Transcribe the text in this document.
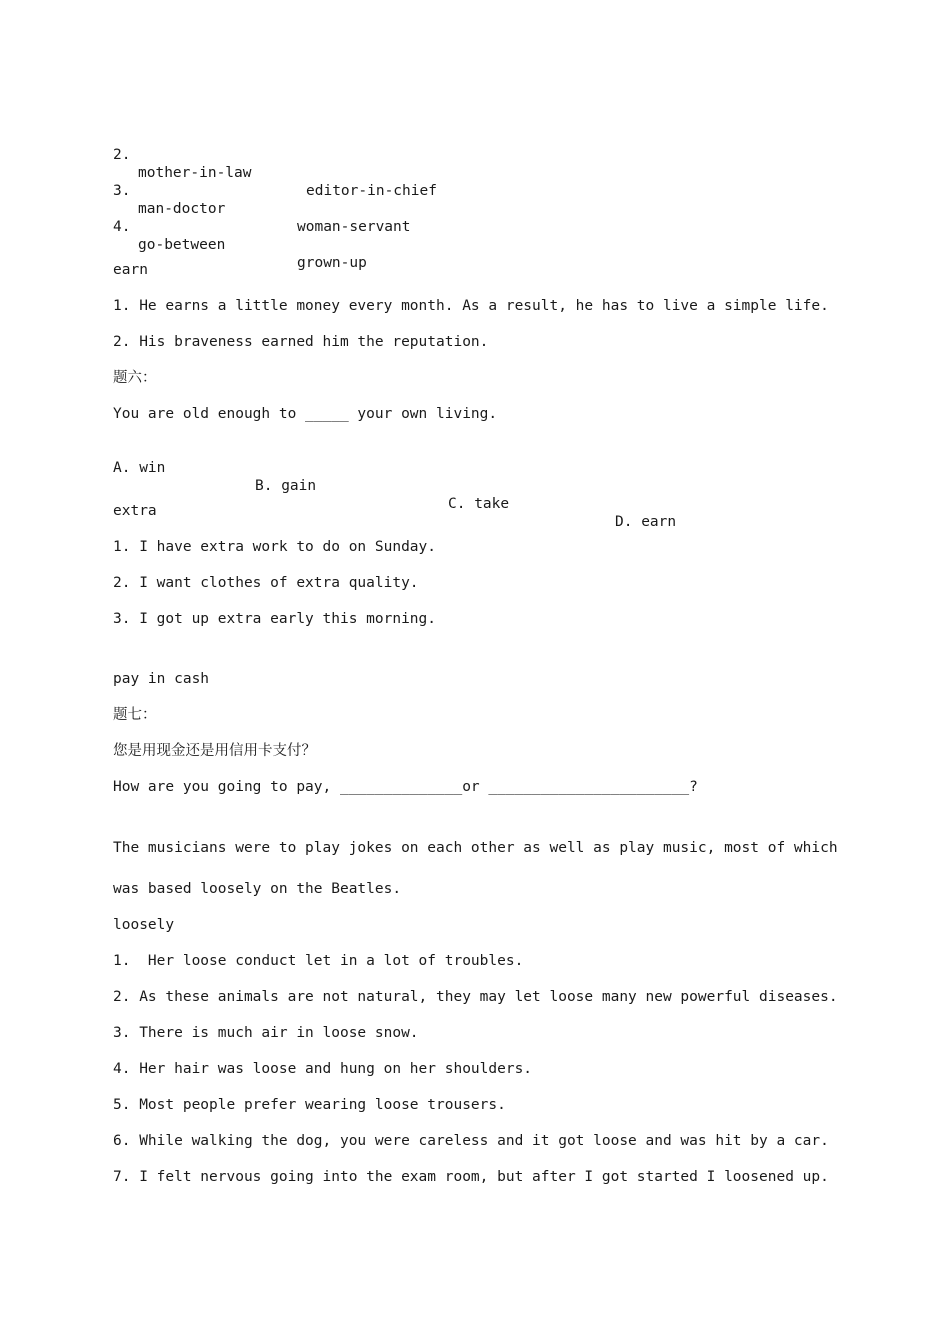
2.

mother-in-law

editor-in-chief

3.

man-doctor

woman-servant

4.

go-between

grown-up

earn
1. He earns a little money every month. As a result, he has to live a simple life.
2. His braveness earned him the reputation.
题六：
You are old enough to _____ your own living.

A. win

B. gain

C. take

D. earn

extra
1. I have extra work to do on Sunday.
2. I want clothes of extra quality.
3. I got up extra early this morning.
pay in cash
题七：
您是用现金还是用信用卡支付？
How are you going to pay, ______________or _______________________?
The musicians were to play jokes on each other as well as play music, most of which
was based loosely on the Beatles.
loosely
1.  Her loose conduct let in a lot of troubles.
2. As these animals are not natural, they may let loose many new powerful diseases.
3. There is much air in loose snow.
4. Her hair was loose and hung on her shoulders.
5. Most people prefer wearing loose trousers.
6. While walking the dog, you were careless and it got loose and was hit by a car.
7. I felt nervous going into the exam room, but after I got started I loosened up.
